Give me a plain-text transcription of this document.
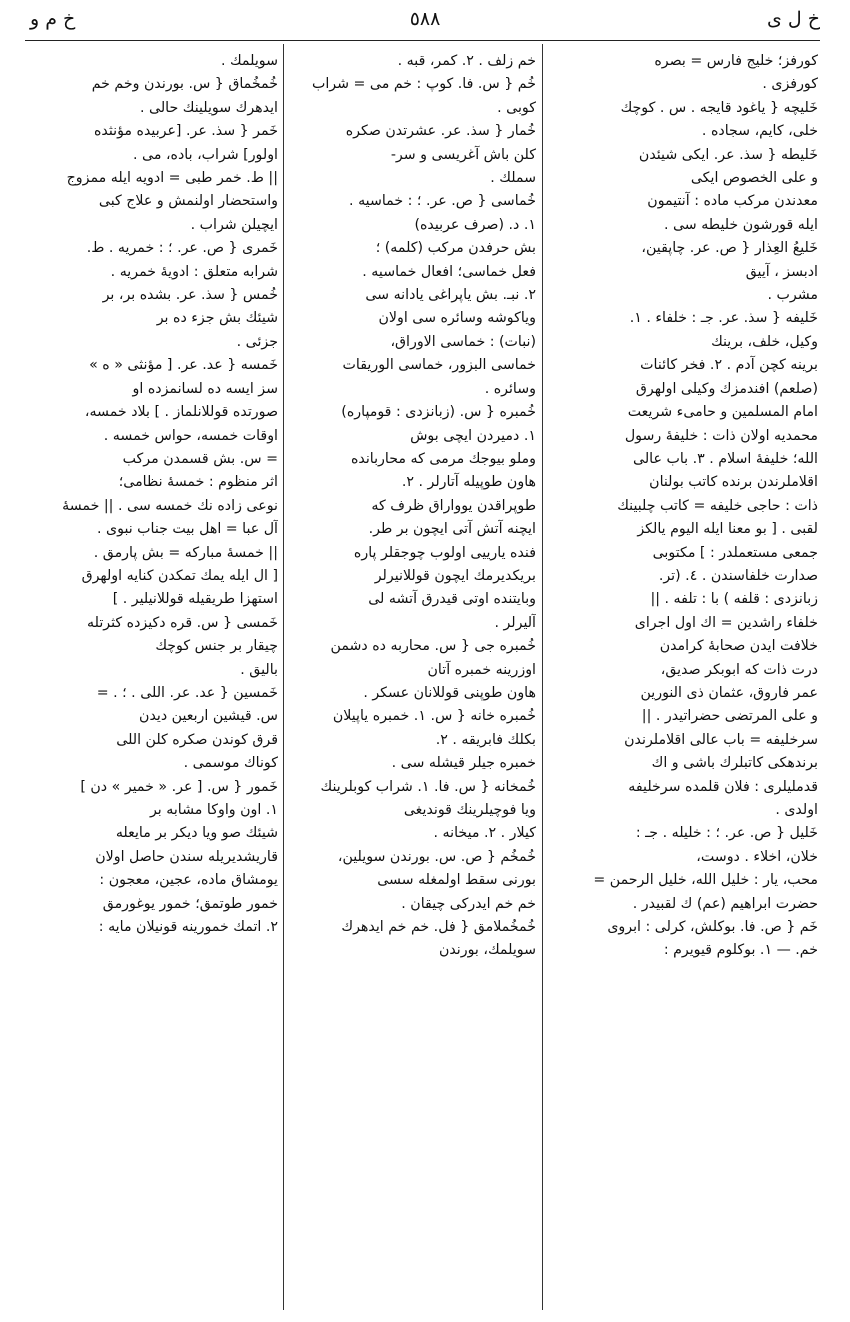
خ م و	٥٨٨	خ ل ی

کورفز؛ خليج فارس = بصره

کورفزی .

خَلیچه { یاغود قايجه . س . كوچك

خلی، کایم، سجاده .

خَلیطه { سذ. عر. ایکی شيئدن

و على الخصوص ایکی

معدندن مركب ماده : آنتیمون

ایله قورشون خليطه سی .

خَلیعُ العِذار { ص. عر. چاپقین،

ادبسز ، آییق

مشرب .

خَلیفه { سذ. عر. جـ : خلفاء . ١.

وكيل، خلف، برينك

برينه كچن آدم . ٢. فخر كائنات

(صلعم) افندمزك وكيلى اولهرق

امام المسلمين و حامیء شريعت

محمديه اولان ذات : خليفهٔ رسول

الله؛ خليفهٔ اسلام . ٣. باب عالى

اقلاملرندن برنده كاتب بولنان

ذات : حاجی خليفه = كاتب چلبينك

لقبی . [ بو معنا ايله اليوم يالكز

جمعی مستعملدر : ] مكتوبی

صدارت خلفاسندن . ٤. (تر.

زبانزدی : قلفه ) با : تلفه . ||

خلفاء راشدين = اك اول اجرای

خلافت ايدن صحابهٔ كرامدن

درت ذات كه ابوبكر صديق،

عمر فاروق، عثمان ذی النورين

و علی المرتضی حضراتيدر . ||

سرخليفه = باب عالى اقلاملرندن

برندهكی كاتبلرك باشی و اك

قدملیلری : فلان قلمده سرخليفه

اولدی .

خَلیل { ص. عر. ؛ : خليله . جـ :

خلان، اخلاء . دوست،

محب، يار : خليل الله، خليل الرحمن =

حضرت ابراهيم (عم) ك لقبيدر .

خَم { ص. فا. بوكلش، كرلی : ابروی

خم. — ١. بوكلوم قيويرم :

خم زلف . ٢. كمر، قبه .

خُم { س. فا. كوپ : خم می = شراب

كوبی .

خُمار { سذ. عر. عشرتدن صكره

كلن باش آغريسی و سر-

سملك .

خُماسی { ص. عر. ؛ : خماسیه .

١. د. (صرف عربيده)

بش حرفدن مركب (كلمه) ؛

فعل خماسی؛ افعال خماسيه .

٢. نبـ. بش ياپراغی يادانه سی

وياكوشه وسائره سی اولان

(نبات) : خماسی الاوراق،

خماسی البزور، خماسی الوريقات

وسائره .

خُمبره { س. (زبانزدی : قومپاره)

١. دميردن ايچی بوش

وملو بيوجك مرمی كه محاربانده

هاون طوپيله آتارلر . ٢.

طوپراقدن يوواراق ظرف كه

ايچنه آتش آتی ايچون بر طر.

فنده يارييی اولوب چوجقلر پاره

بريكديرمك ايچون قوللانيرلر

وبايتنده اوتی قيدرق آتشه لی

آليرلر .

خُمبره جی { س. محاربه ده دشمن

اوزرينه خمبره آتان

هاون طوپنی قوللانان عسكر .

خُمبره خانه { س. ١. خمبره ياپيلان

بكلك فابريقه . ٢.

خمبره جيلر قيشله سی .

خُمخانه { س. فا. ١. شراب كوبلرينك

ويا فوچيلرينك قونديغی

كيلار . ٢. ميخانه .

خُمخُم { ص. س. بورندن سويلين،

بورنی سقط اولمغله سسی

خم خم ايدركی چيقان .

خُمخُملامق { فل. خم خم ايدهرك

سويلمك، بورندن

سويلمك .

خُمخُماق { س. بورندن وخم خم

ايدهرك سويلينك حالی .

خَمر { سذ. عر. [عربيده مؤنثده

اولور] شراب، باده، مى .

|| ط. خمر طبی = ادويه ايله ممزوج

واستحضار اولنمش و علاج كبی

ايچيلن شراب .

خَمری { ص. عر. ؛ : خمريه . ط.

شرابه متعلق : ادويهٔ خمريه .

خُمس { سذ. عر. بشده بر، بر

شيئك بش جزء ده بر

جزئی .

خَمسه { عد. عر. [ مؤنثی « ه »

سز ايسه ده لسانمزده او

صورتده قوللانلماز . ] بلاد خمسه،

اوقات خمسه، حواس خمسه .

= س. بش قسمدن مركب

اثر منظوم : خمسهٔ نظامی؛

نوعی زاده نك خمسه سی . || خمسهٔ

آل عبا = اهل بيت جناب نبوی .

|| خمسهٔ مباركه = بش پارمق .

[ ال ايله يمك تمكدن كنايه اولهرق

استهزا طريقيله قوللانيلير . ]

خَمسی { س. قره دكيزده كثرتله

چيقار بر جنس كوچك

باليق .

خَمسین { عد. عر. اللی . ؛ . =

س. قيشين اربعين ديدن

قرق كوندن صكره كلن اللی

كوناك موسمی .

خَمور { س. [ عر. « خمير » دن ]

١. اون واوكا مشابه بر

شيئك صو ويا ديكر بر مايعله

قاريشديريله سندن حاصل اولان

يومشاق ماده، عجين، معجون :

خمور طوتمق؛ خمور يوغورمق

٢. اتمك خمورينه قونيلان مايه :
